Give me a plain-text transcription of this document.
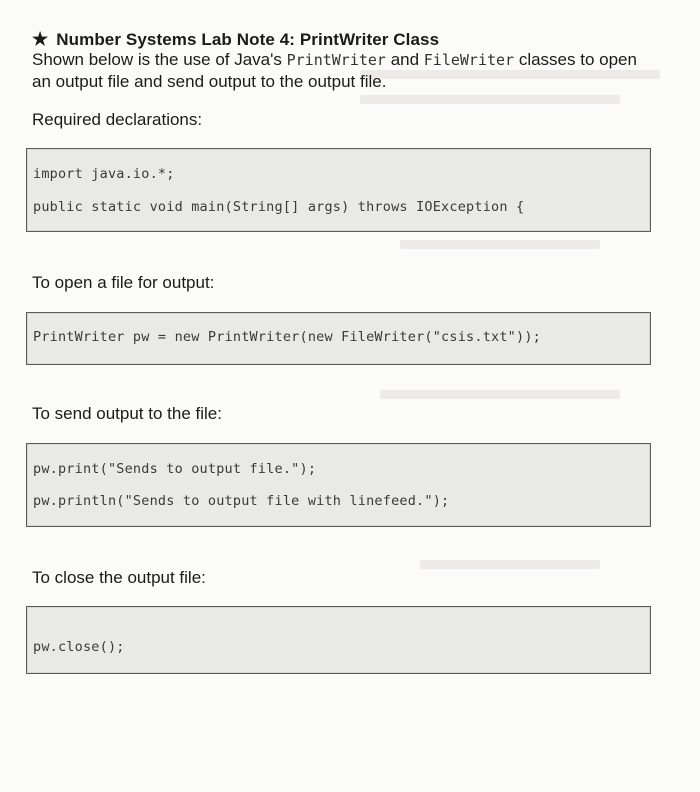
★ Number Systems Lab Note 4: PrintWriter Class
Shown below is the use of Java's PrintWriter and FileWriter classes to open an output file and send output to the output file.
Required declarations:
import java.io.*;
public static void main(String[] args) throws IOException {
To open a file for output:
PrintWriter pw = new PrintWriter(new FileWriter("csis.txt"));
To send output to the file:
pw.print("Sends to output file.");
pw.println("Sends to output file with linefeed.");
To close the output file:
pw.close();
